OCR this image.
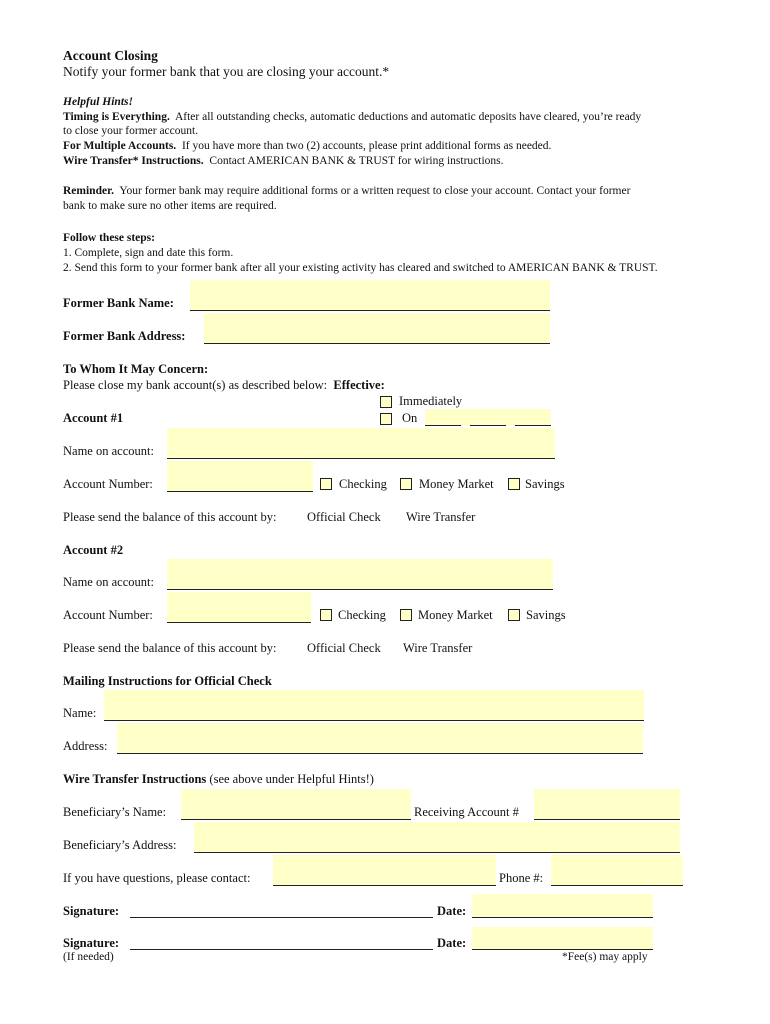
Account Closing
Notify your former bank that you are closing your account.*
Helpful Hints!
Timing is Everything. After all outstanding checks, automatic deductions and automatic deposits have cleared, you’re ready
to close your former account.
For Multiple Accounts. If you have more than two (2) accounts, please print additional forms as needed.
Wire Transfer* Instructions. Contact AMERICAN BANK & TRUST for wiring instructions.
Reminder. Your former bank may require additional forms or a written request to close your account. Contact your former
bank to make sure no other items are required.
Follow these steps:
1. Complete, sign and date this form.
2. Send this form to your former bank after all your existing activity has cleared and switched to AMERICAN BANK & TRUST.
Former Bank Name:
Former Bank Address:
To Whom It May Concern:
Please close my bank account(s) as described below: Effective:
Immediately
On
Account #1
Name on account:
Account Number:	Checking	Money Market	Savings
Please send the balance of this account by: Official Check Wire Transfer
Account #2
Name on account:
Account Number:	Checking	Money Market	Savings
Please send the balance of this account by: Official Check Wire Transfer
Mailing Instructions for Official Check
Name:
Address:
Wire Transfer Instructions (see above under Helpful Hints!)
Beneficiary’s Name:	Receiving Account #
Beneficiary’s Address:
If you have questions, please contact:	Phone #:
Signature:	Date:
Signature:	Date:
(If needed)	*Fee(s) may apply
